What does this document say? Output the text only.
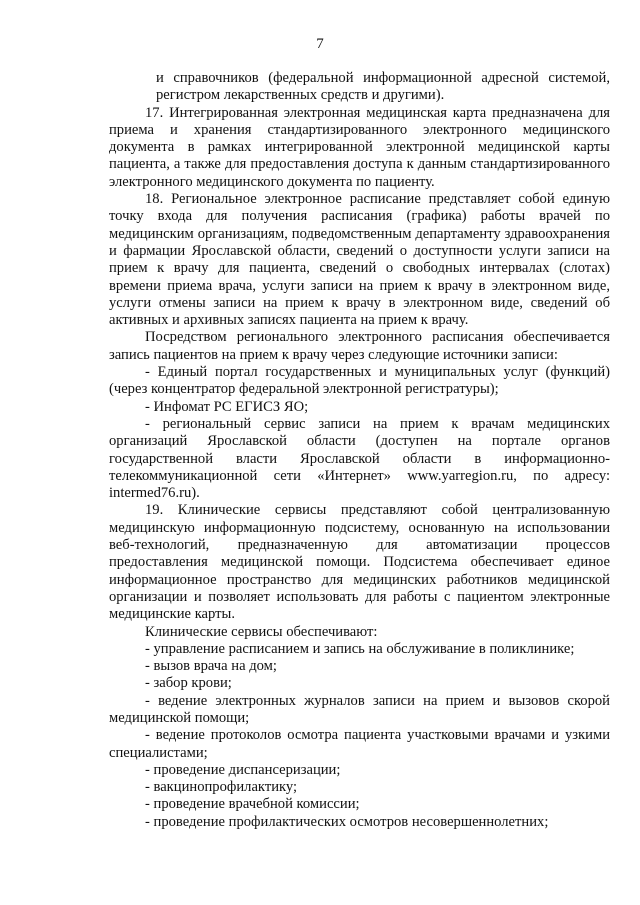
7

и справочников (федеральной информационной адресной системой, регистром лекарственных средств и другими).

17. Интегрированная электронная медицинская карта предназначена для приема и хранения стандартизированного электронного медицинского документа в рамках интегрированной электронной медицинской карты пациента, а также для предоставления доступа к данным стандартизированного электронного медицинского документа по пациенту.

18. Региональное электронное расписание представляет собой единую точку входа для получения расписания (графика) работы врачей по медицинским организациям, подведомственным департаменту здравоохранения и фармации Ярославской области, сведений о доступности услуги записи на прием к врачу для пациента, сведений о свободных интервалах (слотах) времени приема врача, услуги записи на прием к врачу в электронном виде, услуги отмены записи на прием к врачу в электронном виде, сведений об активных и архивных записях пациента на прием к врачу.

Посредством регионального электронного расписания обеспечивается запись пациентов на прием к врачу через следующие источники записи:

- Единый портал государственных и муниципальных услуг (функций) (через концентратор федеральной электронной регистратуры);

- Инфомат РС ЕГИСЗ ЯО;

- региональный сервис записи на прием к врачам медицинских организаций Ярославской области (доступен на портале органов государственной власти Ярославской области в информационно-телекоммуникационной сети «Интернет» www.yarregion.ru, по адресу: intermed76.ru).

19. Клинические сервисы представляют собой централизованную медицинскую информационную подсистему, основанную на использовании веб-технологий, предназначенную для автоматизации процессов предоставления медицинской помощи. Подсистема обеспечивает единое информационное пространство для медицинских работников медицинской организации и позволяет использовать для работы с пациентом электронные медицинские карты.

Клинические сервисы обеспечивают:

- управление расписанием и запись на обслуживание в поликлинике;

- вызов врача на дом;

- забор крови;

- ведение электронных журналов записи на прием и вызовов скорой медицинской помощи;

- ведение протоколов осмотра пациента участковыми врачами и узкими специалистами;

- проведение диспансеризации;

- вакцинопрофилактику;

- проведение врачебной комиссии;

- проведение профилактических осмотров несовершеннолетних;
